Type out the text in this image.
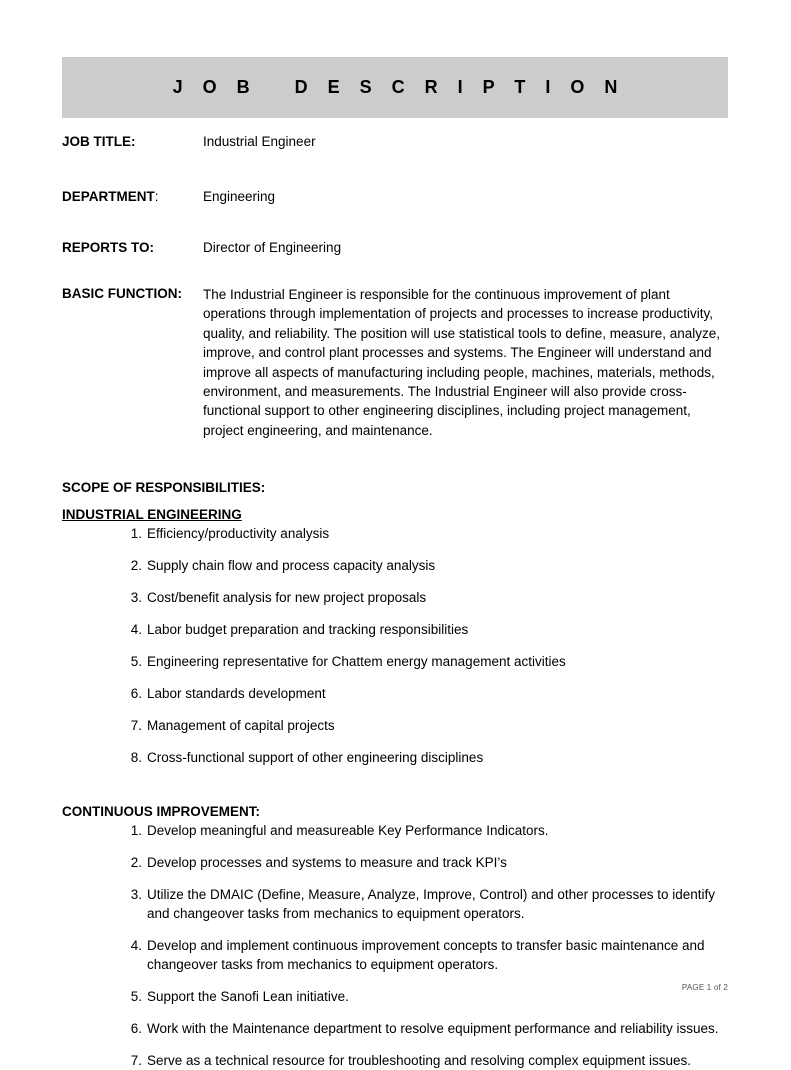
J O B   D E S C R I P T I O N
JOB TITLE:	Industrial Engineer
DEPARTMENT:	Engineering
REPORTS TO:	Director of Engineering
BASIC FUNCTION:	The Industrial Engineer is responsible for the continuous improvement of plant operations through implementation of projects and processes to increase productivity, quality, and reliability. The position will use statistical tools to define, measure, analyze, improve, and control plant processes and systems. The Engineer will understand and improve all aspects of manufacturing including people, machines, materials, methods, environment, and measurements. The Industrial Engineer will also provide cross-functional support to other engineering disciplines, including project management, project engineering, and maintenance.
SCOPE OF RESPONSIBILITIES:
INDUSTRIAL ENGINEERING
1. Efficiency/productivity analysis
2. Supply chain flow and process capacity analysis
3. Cost/benefit analysis for new project proposals
4. Labor budget preparation and tracking responsibilities
5. Engineering representative for Chattem energy management activities
6. Labor standards development
7. Management of capital projects
8. Cross-functional support of other engineering disciplines
CONTINUOUS IMPROVEMENT:
1. Develop meaningful and measureable Key Performance Indicators.
2. Develop processes and systems to measure and track KPI’s
3. Utilize the DMAIC (Define, Measure, Analyze, Improve, Control) and other processes to identify and changeover tasks from mechanics to equipment operators.
4. Develop and implement continuous improvement concepts to transfer basic maintenance and changeover tasks from mechanics to equipment operators.
5. Support the Sanofi Lean initiative.
6. Work with the Maintenance department to resolve equipment performance and reliability issues.
7. Serve as a technical resource for troubleshooting and resolving complex equipment issues.
PAGE 1 of 2
